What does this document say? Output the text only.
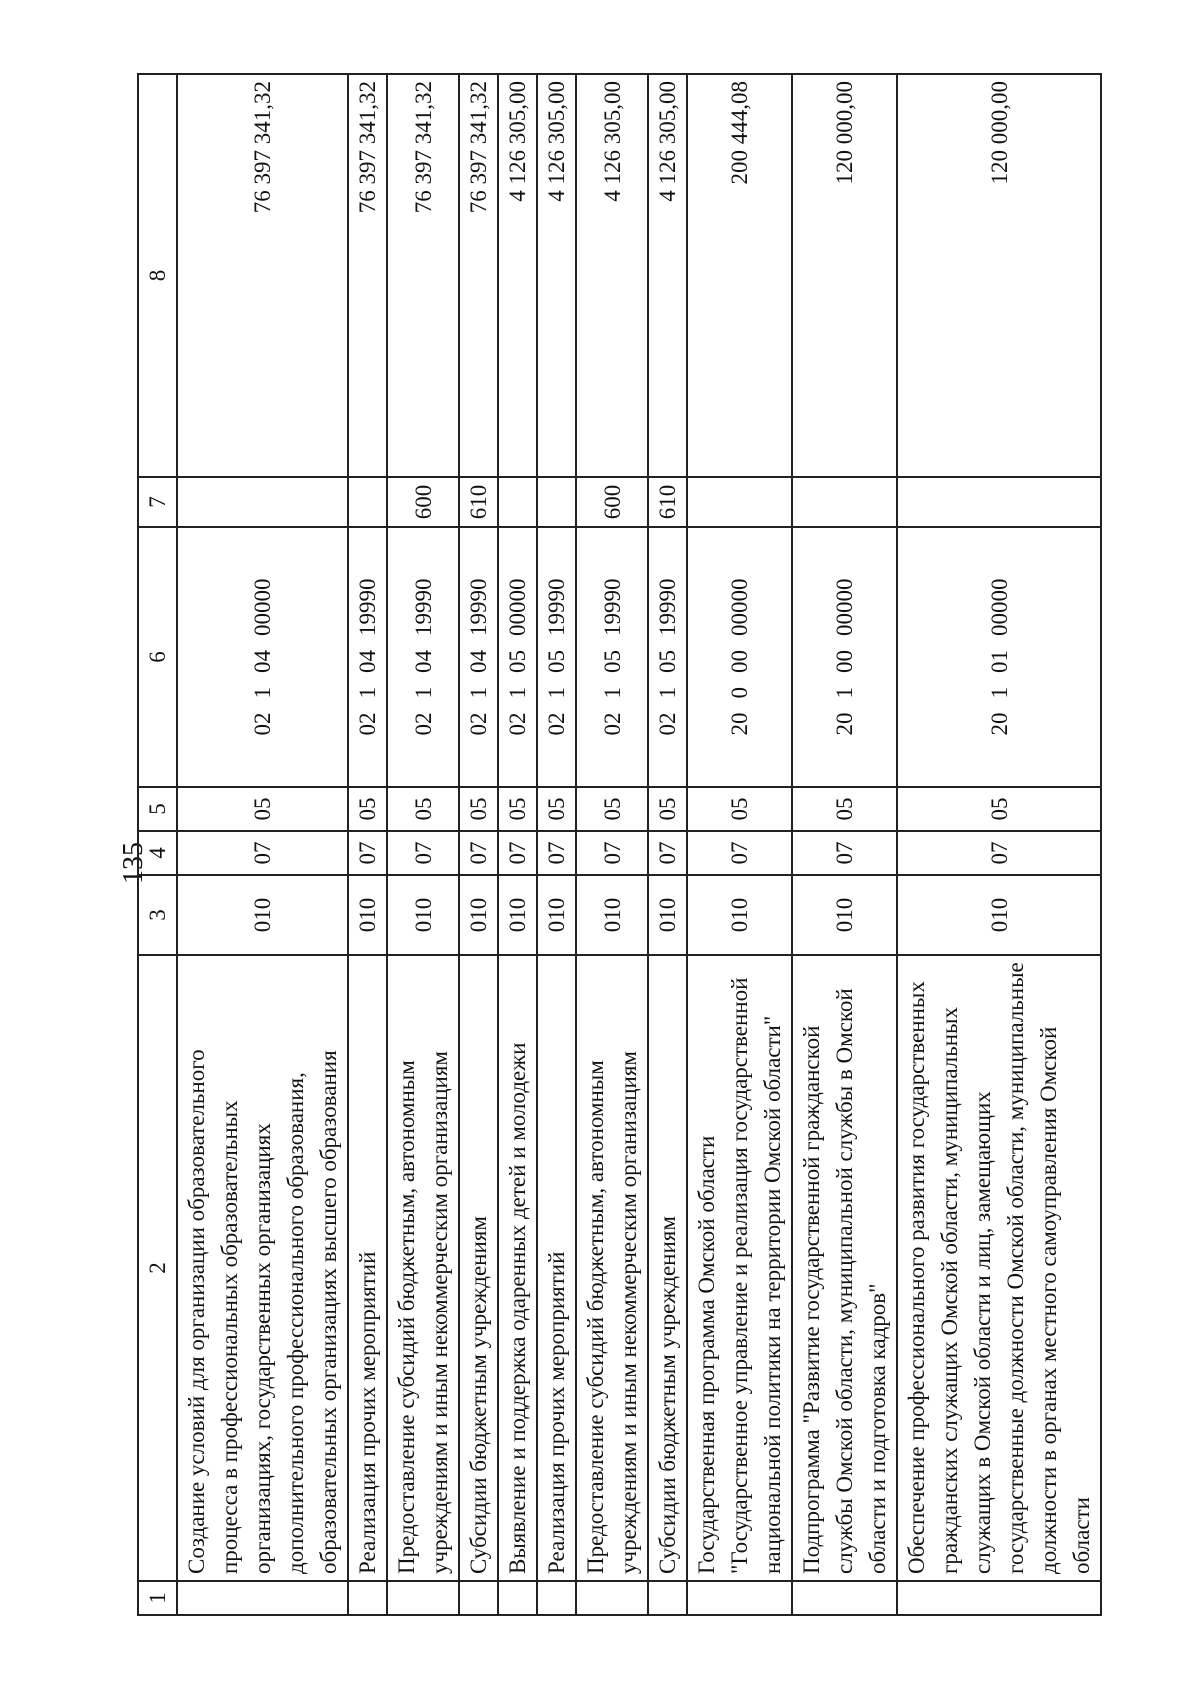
135
1	2	3	4	5	6	7	8
	Создание условий для организации образовательного процесса в профессиональных образовательных организациях, государственных организациях дополнительного профессионального образования, образовательных организациях высшего образования	010	07	05	0210400000		76 397 341,32
	Реализация прочих мероприятий	010	07	05	0210419990		76 397 341,32
	Предоставление субсидий бюджетным, автономным учреждениям и иным некоммерческим организациям	010	07	05	0210419990	600	76 397 341,32
	Субсидии бюджетным учреждениям	010	07	05	0210419990	610	76 397 341,32
	Выявление и поддержка одаренных детей и молодежи	010	07	05	0210500000		4 126 305,00
	Реализация прочих мероприятий	010	07	05	0210519990		4 126 305,00
	Предоставление субсидий бюджетным, автономным учреждениям и иным некоммерческим организациям	010	07	05	0210519990	600	4 126 305,00
	Субсидии бюджетным учреждениям	010	07	05	0210519990	610	4 126 305,00
	Государственная программа Омской области "Государственное управление и реализация государственной национальной политики на территории Омской области"	010	07	05	2000000000		200 444,08
	Подпрограмма "Развитие государственной гражданской службы Омской области, муниципальной службы в Омской области и подготовка кадров"	010	07	05	2010000000		120 000,00
	Обеспечение профессионального развития государственных гражданских служащих Омской области, муниципальных служащих в Омской области и лиц, замещающих государственные должности Омской области, муниципальные должности в органах местного самоуправления Омской области	010	07	05	2010100000		120 000,00
